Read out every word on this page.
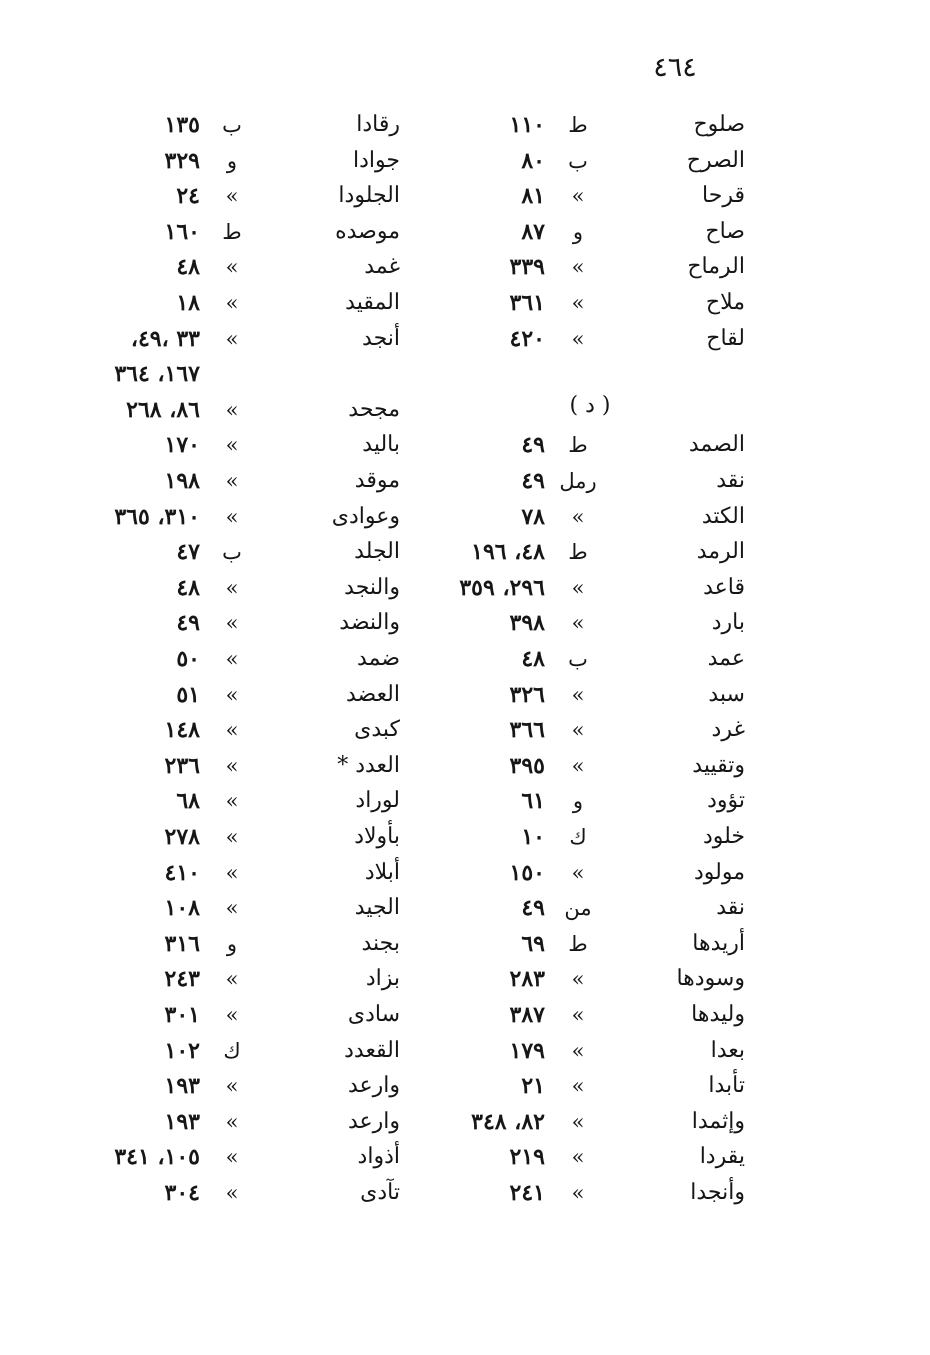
٤٦٤
صلوح
ط
١١٠
رقادا
ب
١٣٥
الصرح
ب
٨٠
جوادا
و
٣٢٩
قرحا
»
٨١
الجلودا
»
٢٤
صاح
و
٨٧
موصده
ط
١٦٠
الرماح
»
٣٣٩
غمد
»
٤٨
ملاح
»
٣٦١
المقيد
»
١٨
لقاح
»
٤٢٠
أنجد
»
٣٣ ،٤٩،
١٦٧، ٣٦٤
مجحد
»
٨٦، ٢٦٨	( د )
الصمد
ط
٤٩
باليد
»
١٧٠
نقد
رمل
٤٩
موقد
»
١٩٨
الكتد
»
٧٨
وعوادى
»
٣١٠، ٣٦٥
الرمد
ط
٤٨، ١٩٦
الجلد
ب
٤٧
قاعد
»
٢٩٦، ٣٥٩
والنجد
»
٤٨
بارد
»
٣٩٨
والنضد
»
٤٩
عمد
ب
٤٨
ضمد
»
٥٠
سبد
»
٣٢٦
العضد
»
٥١
غرد
»
٣٦٦
كبدى
»
١٤٨
وتقييد
»
٣٩٥
العدد *
»
٢٣٦
تؤود
و
٦١
لوراد
»
٦٨
خلود
ك
١٠
بأولاد
»
٢٧٨
مولود
»
١٥٠
أبلاد
»
٤١٠
نقد
من
٤٩
الجيد
»
١٠٨
أريدها
ط
٦٩
بجند
و
٣١٦
وسودها
»
٢٨٣
بزاد
»
٢٤٣
وليدها
»
٣٨٧
سادى
»
٣٠١
بعدا
»
١٧٩
القعدد
ك
١٠٢
تأبدا
»
٢١
وارعد
»
١٩٣
وإثمدا
»
٨٢، ٣٤٨
وارعد
»
١٩٣
يقردا
»
٢١٩
أذواد
»
١٠٥، ٣٤١
وأنجدا
»
٢٤١
تآدى
»
٣٠٤
